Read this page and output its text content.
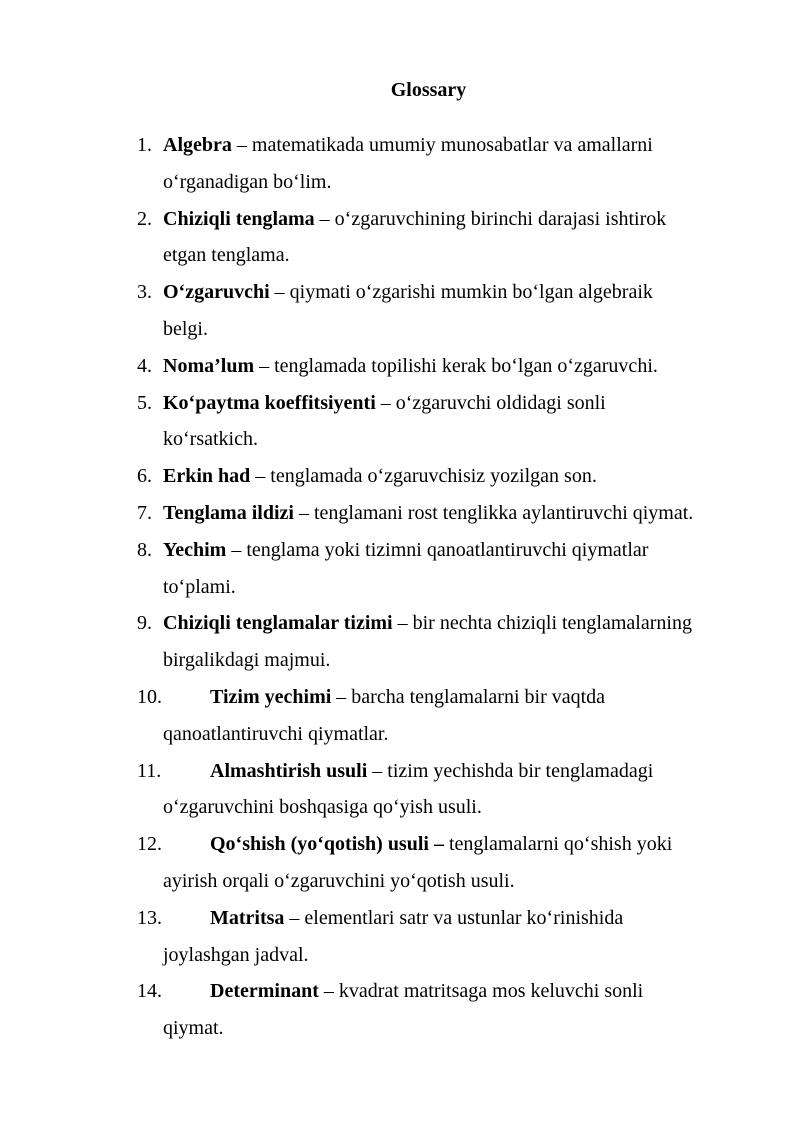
Glossary
1. Algebra – matematikada umumiy munosabatlar va amallarni
o‘rganadigan bo‘lim.
2. Chiziqli tenglama – o‘zgaruvchining birinchi darajasi ishtirok
etgan tenglama.
3. O‘zgaruvchi – qiymati o‘zgarishi mumkin bo‘lgan algebraik
belgi.
4. Noma’lum – tenglamada topilishi kerak bo‘lgan o‘zgaruvchi.
5. Ko‘paytma koeffitsiyenti – o‘zgaruvchi oldidagi sonli
ko‘rsatkich.
6. Erkin had – tenglamada o‘zgaruvchisiz yozilgan son.
7. Tenglama ildizi – tenglamani rost tenglikka aylantiruvchi qiymat.
8. Yechim – tenglama yoki tizimni qanoatlantiruvchi qiymatlar
to‘plami.
9. Chiziqli tenglamalar tizimi – bir nechta chiziqli tenglamalarning
birgalikdagi majmui.
10.	Tizim yechimi – barcha tenglamalarni bir vaqtda
qanoatlantiruvchi qiymatlar.
11.	Almashtirish usuli – tizim yechishda bir tenglamadagi
o‘zgaruvchini boshqasiga qo‘yish usuli.
12.	Qo‘shish (yo‘qotish) usuli – tenglamalarni qo‘shish yoki
ayirish orqali o‘zgaruvchini yo‘qotish usuli.
13.	Matritsa – elementlari satr va ustunlar ko‘rinishida
joylashgan jadval.
14.	Determinant – kvadrat matritsaga mos keluvchi sonli
qiymat.
